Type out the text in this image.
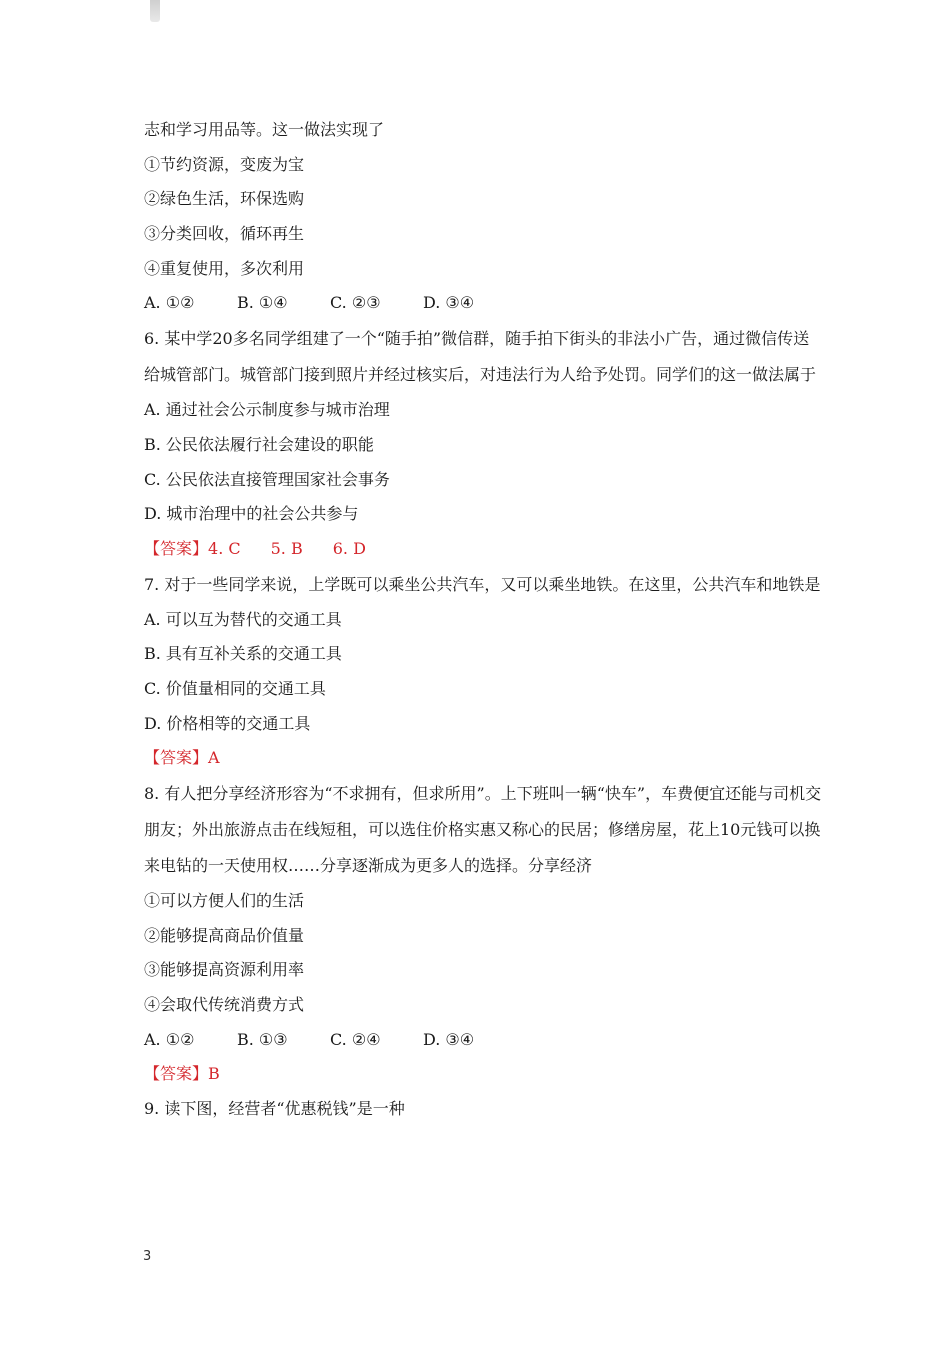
志和学习用品等。这一做法实现了
①节约资源，变废为宝
②绿色生活，环保选购
③分类回收，循环再生
④重复使用，多次利用
A. ①②	B. ①④	C. ②③	D. ③④
6. 某中学20多名同学组建了一个“随手拍”微信群，随手拍下街头的非法小广告，通过微信传送给城管部门。城管部门接到照片并经过核实后，对违法行为人给予处罚。同学们的这一做法属于
A. 通过社会公示制度参与城市治理
B. 公民依法履行社会建设的职能
C. 公民依法直接管理国家社会事务
D. 城市治理中的社会公共参与
【答案】4. C 5. B 6. D
7. 对于一些同学来说，上学既可以乘坐公共汽车，又可以乘坐地铁。在这里，公共汽车和地铁是
A. 可以互为替代的交通工具
B. 具有互补关系的交通工具
C. 价值量相同的交通工具
D. 价格相等的交通工具
【答案】A
8. 有人把分享经济形容为“不求拥有，但求所用”。上下班叫一辆“快车”，车费便宜还能与司机交朋友；外出旅游点击在线短租，可以选住价格实惠又称心的民居；修缮房屋，花上10元钱可以换来电钻的一天使用权……分享逐渐成为更多人的选择。分享经济
①可以方便人们的生活
②能够提高商品价值量
③能够提高资源利用率
④会取代传统消费方式
A. ①②	B. ①③	C. ②④	D. ③④
【答案】B
9. 读下图，经营者“优惠税钱”是一种
3
